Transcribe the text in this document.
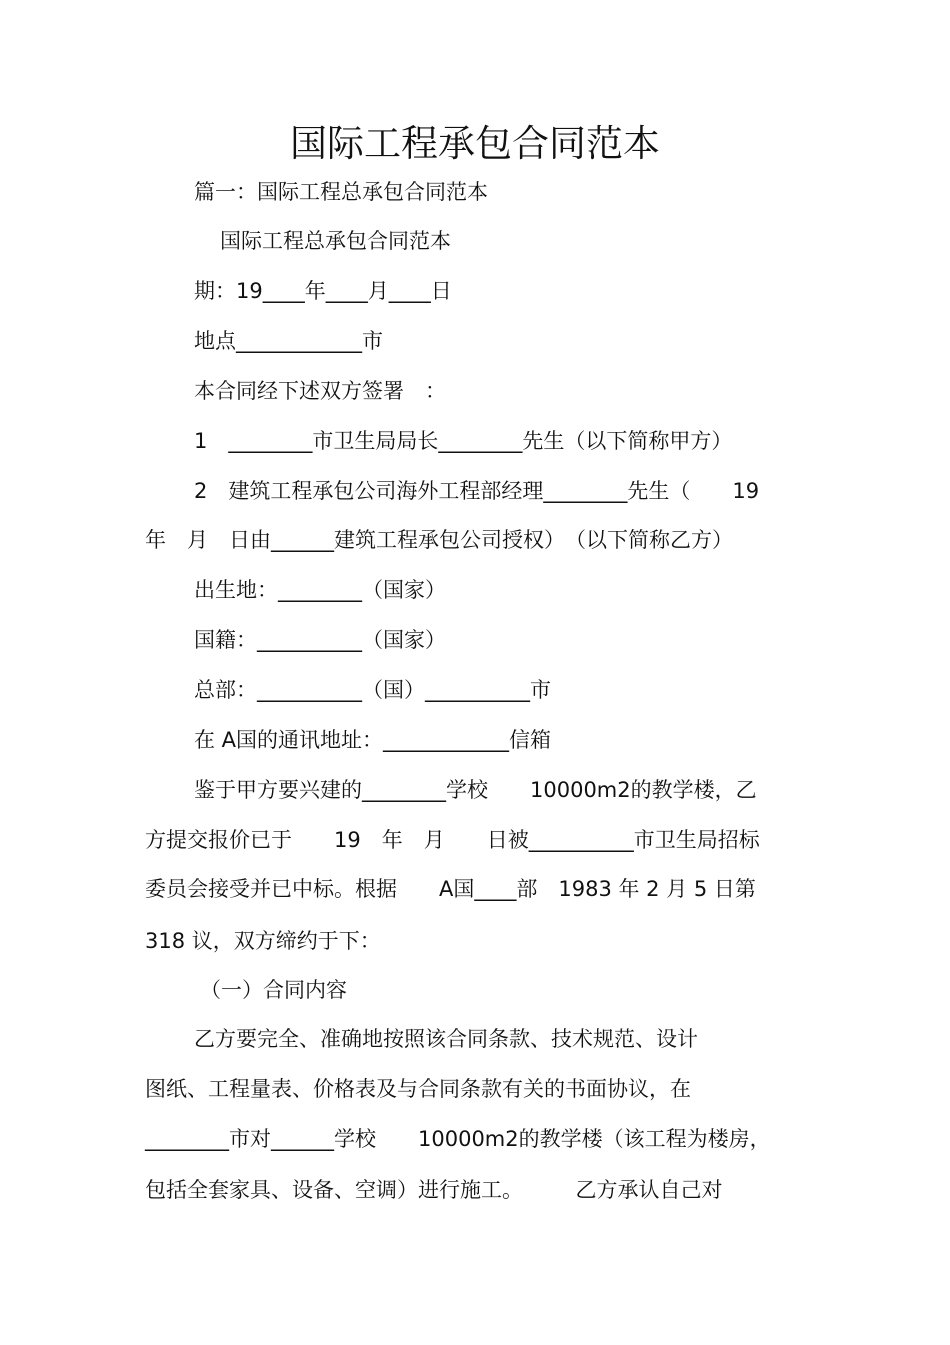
国际工程承包合同范本
篇一：国际工程总承包合同范本
国际工程总承包合同范本
期：19____年____月____日
地点____________市
本合同经下述双方签署　：
1　________市卫生局局长________先生（以下简称甲方）
2　建筑工程承包公司海外工程部经理________先生（　　19
年　月　日由______建筑工程承包公司授权）　（以下简称乙方）
出生地：________（国家）
国籍：__________（国家）
总部：__________（国）__________市
在 A国的通讯地址：____________信箱
鉴于甲方要兴建的________学校　　10000m2的教学楼，乙
方提交报价已于　　19　年　月　　日被__________市卫生局招标
委员会接受并已中标。根据　　A国____部　1983 年 2 月 5 日第
318 议，双方缔约于下：
（一）合同内容
乙方要完全、准确地按照该合同条款、技术规范、设计
图纸、工程量表、价格表及与合同条款有关的书面协议，在
________市对______学校　　10000m2的教学楼（该工程为楼房，
包括全套家具、设备、空调）进行施工。　　　乙方承认自己对
